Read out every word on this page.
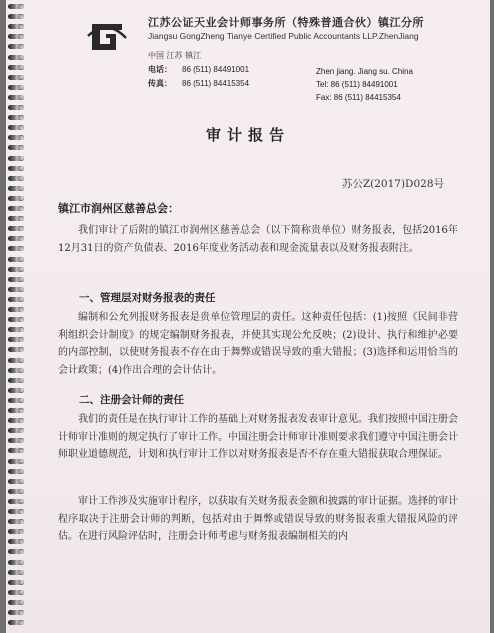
江苏公证天业会计师事务所（特殊普通合伙）镇江分所
Jiangsu GongZheng Tianye Certified Public Accountants LLP.ZhenJiang
中国 江苏 镇江
电话： 86 (511) 84491001
传真： 86 (511) 84415354
Zhen jiang. Jiang su. China
Tel: 86 (511) 84491001
Fax: 86 (511) 84415354
审计报告
苏公Z(2017)D028号
镇江市润州区慈善总会：
我们审计了后附的镇江市润州区慈善总会（以下简称贵单位）财务报表，包括2016年12月31日的资产负债表、2016年度业务活动表和现金流量表以及财务报表附注。
一、管理层对财务报表的责任
编制和公允列报财务报表是贵单位管理层的责任。这种责任包括：(1)按照《民间非营利组织会计制度》的规定编制财务报表，并使其实现公允反映；(2)设计、执行和维护必要的内部控制，以使财务报表不存在由于舞弊或错误导致的重大错报；(3)选择和运用恰当的会计政策；(4)作出合理的会计估计。
二、注册会计师的责任
我们的责任是在执行审计工作的基础上对财务报表发表审计意见。我们按照中国注册会计师审计准则的规定执行了审计工作。中国注册会计师审计准则要求我们遵守中国注册会计师职业道德规范，计划和执行审计工作以对财务报表是否不存在重大错报获取合理保证。
审计工作涉及实施审计程序，以获取有关财务报表金额和披露的审计证据。选择的审计程序取决于注册会计师的判断，包括对由于舞弊或错误导致的财务报表重大错报风险的评估。在进行风险评估时，注册会计师考虑与财务报表编制相关的内
